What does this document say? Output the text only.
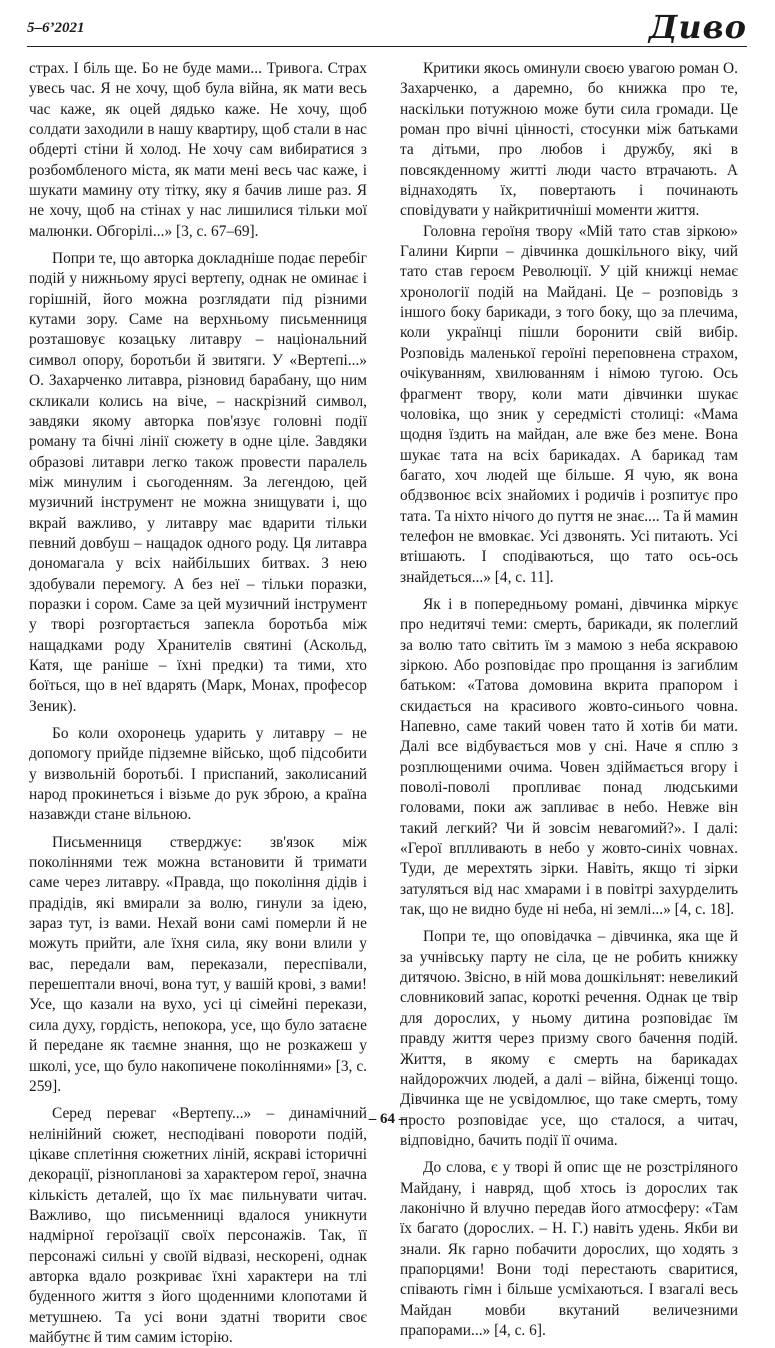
5–6’2021	Диво

страх. І біль ще. Бо не буде мами... Тривога. Страх увесь час. Я не хочу, щоб була війна, як мати весь час каже, як оцей дядько каже. Не хочу, щоб солдати заходили в нашу квартиру, щоб стали в нас обдерті стіни й холод. Не хочу сам вибиратися з розбомбленого міста, як мати мені весь час каже, і шукати мамину оту тітку, яку я бачив лише раз. Я не хочу, щоб на стінах у нас лишилися тільки мої малюнки. Обгорілі...» [3, с. 67–69].

Попри те, що авторка докладніше подає перебіг подій у нижньому ярусі вертепу, однак не оминає і горішній, його можна розглядати під різними кутами зору. Саме на верхньому письменниця розташовує козацьку литавру – національний символ опору, боротьби й звитяги. У «Вертепі...» О. Захарченко литавра, різновид барабану, що ним скликали колись на віче, – наскрізний символ, завдяки якому авторка пов'язує головні події роману та бічні лінії сюжету в одне ціле. Завдяки образові литаври легко також провести паралель між минулим і сьогоденням. За легендою, цей музичний інструмент не можна знищувати і, що вкрай важливо, у литавру має вдарити тільки певний довбуш – нащадок одного роду. Ця литавра дономагала у всіх найбільших битвах. З нею здобували перемогу. А без неї – тільки поразки, поразки і сором. Саме за цей музичний інструмент у творі розгортається запекла боротьба між нащадками роду Хранителів святині (Аскольд, Катя, ще раніше – їхні предки) та тими, хто боїться, що в неї вдарять (Марк, Монах, професор Зеник).

Бо коли охоронець ударить у литавру – не допомогу прийде підземне військо, щоб підсобити у визвольній боротьбі. І приспаний, заколисаний народ прокинеться і візьме до рук зброю, а країна назавжди стане вільною.

Письменниця стверджує: зв'язок між поколіннями теж можна встановити й тримати саме через литавру. «Правда, що покоління дідів і прадідів, які вмирали за волю, гинули за ідею, зараз тут, із вами. Нехай вони самі померли й не можуть прийти, але їхня сила, яку вони влили у вас, передали вам, переказали, переспівали, перешептали вночі, вона тут, у вашій крові, з вами! Усе, що казали на вухо, усі ці сімейні перекази, сила духу, гордість, непокора, усе, що було затаєне й передане як таємне знання, що не розкажеш у школі, усе, що було накопичене поколіннями» [3, с. 259].

Серед переваг «Вертепу...» – динамічний нелінійний сюжет, несподівані повороти подій, цікаве сплетіння сюжетних ліній, яскраві історичні декорації, різнопланові за характером герої, значна кількість деталей, що їх має пильнувати читач. Важливо, що письменниці вдалося уникнути надмірної героїзації своїх персонажів. Так, її персонажі сильні у своїй відвазі, нескорені, однак авторка вдало розкриває їхні характери на тлі буденного життя з його щоденними клопотами й метушнею. Та усі вони здатні творити своє майбутнє й тим самим історію.

Критики якось оминули своєю увагою роман О. Захарченко, а даремно, бо книжка про те, наскільки потужною може бути сила громади. Це роман про вічні цінності, стосунки між батьками та дітьми, про любов і дружбу, які в повсякденному житті люди часто втрачають. А віднаходять їх, повертають і починають сповідувати у найкритичніші моменти життя.

Головна героїня твору «Мій тато став зіркою» Галини Кирпи – дівчинка дошкільного віку, чий тато став героєм Революції. У цій книжці немає хронології подій на Майдані. Це – розповідь з іншого боку барикади, з того боку, що за плечима, коли українці пішли боронити свій вибір. Розповідь маленької героїні переповнена страхом, очікуванням, хвилюванням і німою тугою. Ось фрагмент твору, коли мати дівчинки шукає чоловіка, що зник у середмісті столиці: «Мама щодня їздить на майдан, але вже без мене. Вона шукає тата на всіх барикадах. А барикад там багато, хоч людей ще більше. Я чую, як вона обдзвонює всіх знайомих і родичів і розпитує про тата. Та ніхто нічого до пуття не знає.... Та й мамин телефон не вмовкає. Усі дзвонять. Усі питають. Усі втішають. І сподіваються, що тато ось-ось знайдеться...» [4, с. 11].

Як і в попередньому романі, дівчинка міркує про недитячі теми: смерть, барикади, як полеглий за волю тато світить їм з мамою з неба яскравою зіркою. Або розповідає про прощання із загиблим батьком: «Татова домовина вкрита прапором і скидається на красивого жовто-синього човна. Напевно, саме такий човен тато й хотів би мати. Далі все відбувається мов у сні. Наче я сплю з розплющеними очима. Човен здіймається вгору і поволі-поволі пропливає понад людськими головами, поки аж запливає в небо. Невже він такий легкий? Чи й зовсім невагомий?». І далі: «Герої вплливають в небо у жовто-синіх човнах. Туди, де мерехтять зірки. Навіть, якщо ті зірки затуляться від нас хмарами і в повітрі захурделить так, що не видно буде ні неба, ні землі...» [4, с. 18].

Попри те, що оповідачка – дівчинка, яка ще й за учнівську парту не сіла, це не робить книжку дитячою. Звісно, в ній мова дошкільнят: невеликий словниковий запас, короткі речення. Однак це твір для дорослих, у ньому дитина розповідає їм правду життя через призму свого бачення подій. Життя, в якому є смерть на барикадах найдорожчих людей, а далі – війна, біженці тощо. Дівчинка ще не усвідомлює, що таке смерть, тому просто розповідає усе, що сталося, а читач, відповідно, бачить події її очима.

До слова, є у творі й опис ще не розстріляного Майдану, і навряд, щоб хтось із дорослих так лаконічно й влучно передав його атмосферу: «Там їх багато (дорослих. – Н. Г.) навіть удень. Якби ви знали. Як гарно побачити дорослих, що ходять з прапорцями! Вони тоді перестають сваритися, співають гімн і більше усміхаються. І взагалі весь Майдан мовби вкутаний величезними прапорами...» [4, с. 6].

– 64 –
